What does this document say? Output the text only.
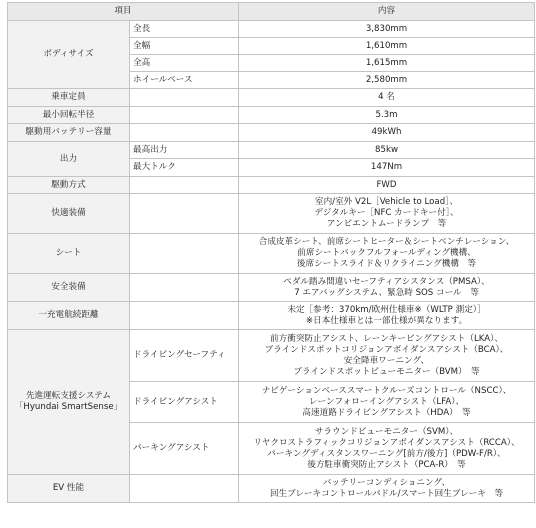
項目		内容
ボディサイズ	全長	3,830mm
	全幅	1,610mm
	全高	1,615mm
	ホイールベース	2,580mm
乗車定員		4 名
最小回転半径		5.3m
駆動用バッテリー容量		49kWh
出力	最高出力	85kw
	最大トルク	147Nm
駆動方式		FWD
快適装備		室内/室外 V2L［Vehicle to Load］、
デジタルキー［NFC カードキー付］、
アンビエントムードランプ　等

シート		合成皮革シート、前席シートヒーター＆シートベンチレーション、
前席シートバックフルフォールディング機構、
後席シートスライド＆リクライニング機構　等

安全装備		ペダル踏み間違いセーフティアシスタンス（PMSA）、
7 エアバッグシステム、緊急時 SOS コール　等

一充電航続距離		未定［参考：370km/欧州仕様車※（WLTP 測定）］
※日本仕様車とは一部仕様が異なります。

先進運転支援システム
「Hyundai SmartSense」	ドライビングセーフティ	前方衝突防止アシスト、レーンキーピングアシスト（LKA）、
ブラインドスポットコリジョンアボイダンスアシスト（BCA）、
安全降車ワーニング、
ブラインドスポットビューモニター（BVM）　等

	ドライビングアシスト	ナビゲーションベーススマートクルーズコントロール（NSCC）、
レーンフォローイングアシスト（LFA）、
高速道路ドライビングアシスト（HDA）　等

	パーキングアシスト	サラウンドビューモニター（SVM）、
リヤクロストラフィックコリジョンアボイダンスアシスト（RCCA）、
パーキングディスタンスワーニング[前方/後方]（PDW-F/R）、
後方駐車衝突防止アシスト（PCA-R）　等

EV 性能		バッテリーコンディショニング、
回生ブレーキコントロールパドル/スマート回生ブレーキ　等
